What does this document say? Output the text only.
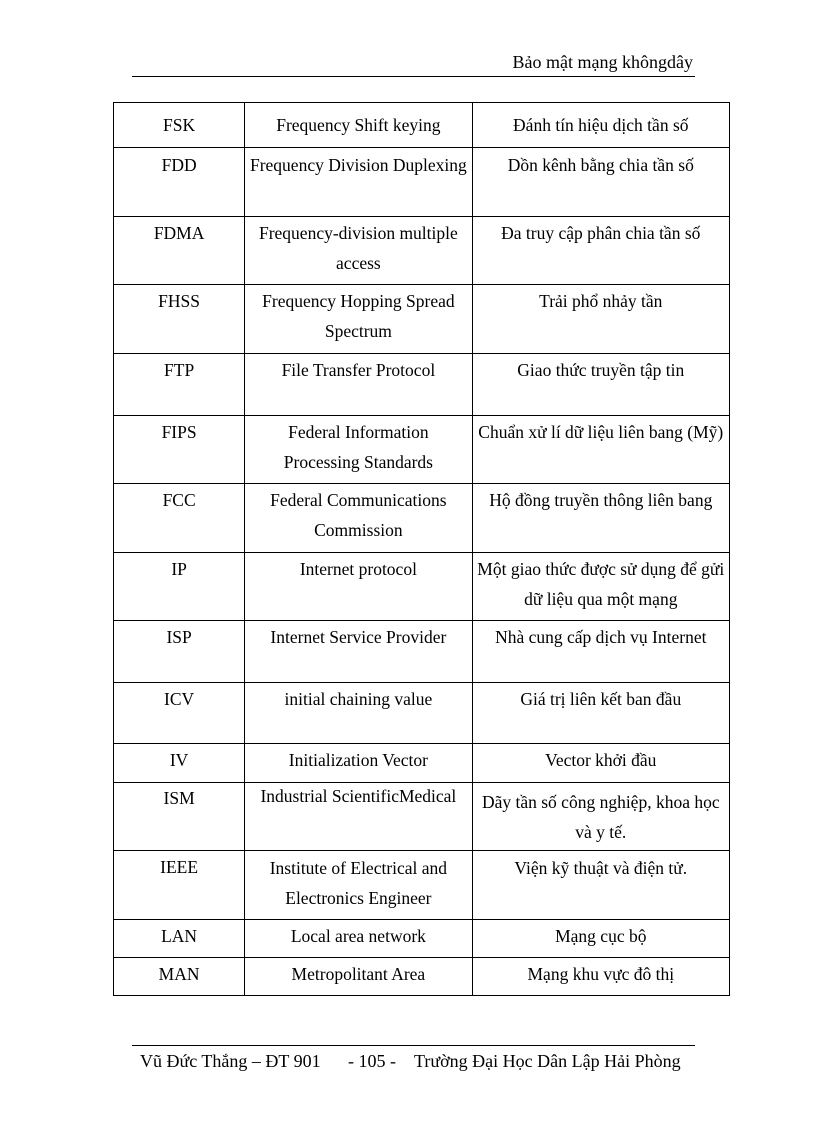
Bảo mật mạng khôngdây
FSK	Frequency Shift keying	Đánh tín hiệu dịch tần số
FDD	Frequency Division Duplexing	Dồn kênh bằng chia tần số
FDMA	Frequency-division multiple access	Đa truy cập phân chia tần số
FHSS	Frequency Hopping Spread Spectrum	Trải phổ nhảy tần
FTP	File Transfer Protocol	Giao thức truyền tập tin
FIPS	Federal Information Processing Standards	Chuẩn xử lí dữ liệu liên bang (Mỹ)
FCC	Federal Communications Commission	Hộ đồng truyền thông liên bang
IP	Internet protocol	Một giao thức được sử dụng để gửi dữ liệu qua một mạng
ISP	Internet Service Provider	Nhà cung cấp dịch vụ Internet
ICV	initial chaining value	Giá trị liên kết ban đầu
IV	Initialization Vector	Vector khởi đầu
ISM	Industrial ScientificMedical	Dãy tần số công nghiệp, khoa học và y tế.
IEEE	Institute of Electrical and Electronics Engineer	Viện kỹ thuật và điện tử.
LAN	Local area network	Mạng cục bộ
MAN	Metropolitant Area	Mạng khu vực đô thị
Vũ Đức Thắng – ĐT 901 - 105 - Trường Đại Học Dân Lập Hải Phòng
